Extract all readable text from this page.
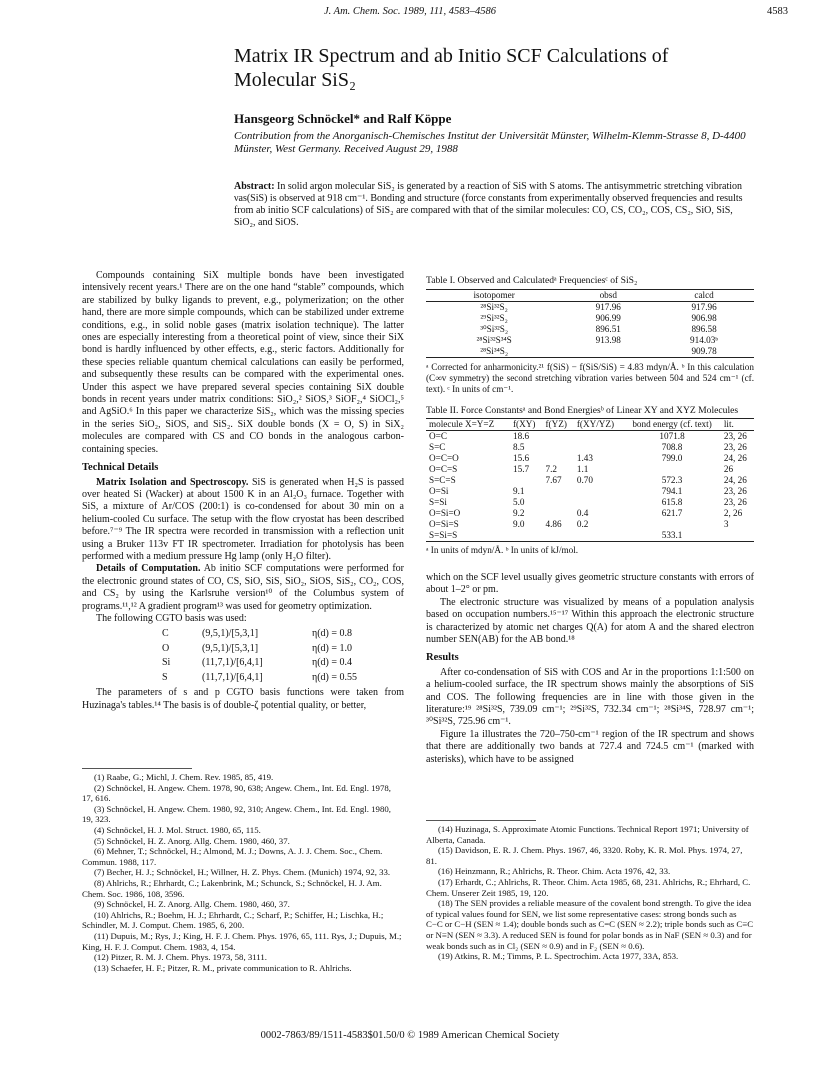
J. Am. Chem. Soc. 1989, 111, 4583–4586	4583
Matrix IR Spectrum and ab Initio SCF Calculations of Molecular SiS₂
Hansgeorg Schnöckel* and Ralf Köppe
Contribution from the Anorganisch-Chemisches Institut der Universität Münster, Wilhelm-Klemm-Strasse 8, D-4400 Münster, West Germany. Received August 29, 1988
Abstract: In solid argon molecular SiS₂ is generated by a reaction of SiS with S atoms. The antisymmetric stretching vibration νas(SiS) is observed at 918 cm⁻¹. Bonding and structure (force constants from experimentally observed frequencies and results from ab initio SCF calculations) of SiS₂ are compared with that of the similar molecules: CO, CS, CO₂, COS, CS₂, SiO, SiS, SiO₂, and SiOS.

Compounds containing SiX multiple bonds have been investigated intensively recent years.¹ There are on the one hand “stable” compounds, which are stabilized by bulky ligands to prevent, e.g., polymerization; on the other hand, there are more simple compounds, which can be stabilized under extreme conditions, e.g., in solid noble gases (matrix isolation technique). The latter ones are especially interesting from a theoretical point of view, since their SiX bond is hardly influenced by other effects, e.g., steric factors. Additionally for these species reliable quantum chemical calculations can easily be performed, and subsequently these results can be compared with the experimental ones. Under this aspect we have prepared several species containing SiX double bonds in recent years under matrix conditions: SiO₂,² SiOS,³ SiOF₂,⁴ SiOCl₂,⁵ and AgSiO.⁶ In this paper we characterize SiS₂, which was the missing species in the series SiO₂, SiOS, and SiS₂. SiX double bonds (X = O, S) in SiX₂ molecules are compared with CS and CO bonds in the analogous carbon-containing species.

Technical Details

Matrix Isolation and Spectroscopy. SiS is generated when H₂S is passed over heated Si (Wacker) at about 1500 K in an Al₂O₃ furnace. Together with SiS, a mixture of Ar/COS (200:1) is co-condensed for about 30 min on a helium-cooled Cu surface. The setup with the flow cryostat has been described before.⁷⁻⁹ The IR spectra were recorded in transmission with a reflection unit using a Bruker 113v FT IR spectrometer. Irradiation for photolysis has been performed with a medium pressure Hg lamp (only H₂O filter).

Details of Computation. Ab initio SCF computations were performed for the electronic ground states of CO, CS, SiO, SiS, SiO₂, SiOS, SiS₂, CO₂, COS, and CS₂ by using the Karlsruhe version¹⁰ of the Columbus system of programs.¹¹,¹² A gradient program¹³ was used for geometry optimization.

The following CGTO basis was used:

C	(9,5,1)/[5,3,1]	η(d) = 0.8
O	(9,5,1)/[5,3,1]	η(d) = 1.0
Si	(11,7,1)/[6,4,1]	η(d) = 0.4
S	(11,7,1)/[6,4,1]	η(d) = 0.55

The parameters of s and p CGTO basis functions were taken from Huzinaga's tables.¹⁴ The basis is of double-ζ potential quality, or better,

(1) Raabe, G.; Michl, J. Chem. Rev. 1985, 85, 419.
(2) Schnöckel, H. Angew. Chem. 1978, 90, 638; Angew. Chem., Int. Ed. Engl. 1978, 17, 616.
(3) Schnöckel, H. Angew. Chem. 1980, 92, 310; Angew. Chem., Int. Ed. Engl. 1980, 19, 323.
(4) Schnöckel, H. J. Mol. Struct. 1980, 65, 115.
(5) Schnöckel, H. Z. Anorg. Allg. Chem. 1980, 460, 37.
(6) Mehner, T.; Schnöckel, H.; Almond, M. J.; Downs, A. J. J. Chem. Soc., Chem. Commun. 1988, 117.
(7) Becher, H. J.; Schnöckel, H.; Willner, H. Z. Phys. Chem. (Munich) 1974, 92, 33.
(8) Ahlrichs, R.; Ehrhardt, C.; Lakenbrink, M.; Schunck, S.; Schnöckel, H. J. Am. Chem. Soc. 1986, 108, 3596.
(9) Schnöckel, H. Z. Anorg. Allg. Chem. 1980, 460, 37.
(10) Ahlrichs, R.; Boehm, H. J.; Ehrhardt, C.; Scharf, P.; Schiffer, H.; Lischka, H.; Schindler, M. J. Comput. Chem. 1985, 6, 200.
(11) Dupuis, M.; Rys, J.; King, H. F. J. Chem. Phys. 1976, 65, 111. Rys, J.; Dupuis, M.; King, H. F. J. Comput. Chem. 1983, 4, 154.
(12) Pitzer, R. M. J. Chem. Phys. 1973, 58, 3111.
(13) Schaefer, H. F.; Pitzer, R. M., private communication to R. Ahlrichs.
Table I. Observed and Calculatedᵃ Frequenciesᶜ of SiS₂
isotopomer	obsd	calcd
²⁸Si³²S₂	917.96	917.96
²⁹Si³²S₂	906.99	906.98
³⁰Si³²S₂	896.51	896.58
²⁸Si³²S³⁴S	913.98	914.03ᵇ
²⁸Si³⁴S₂		909.78

ᵃ Corrected for anharmonicity.²¹ f(SiS) − f(SiS/SiS) = 4.83 mdyn/Å. ᵇ In this calculation (C∞v symmetry) the second stretching vibration varies between 504 and 524 cm⁻¹ (cf. text). ᶜ In units of cm⁻¹.

Table II. Force Constantsᵃ and Bond Energiesᵇ of Linear XY and XYZ Molecules
molecule X=Y=Z	f(XY)	f(YZ)	f(XY/YZ)	bond energy (cf. text)	lit.
O=C	18.6			1071.8	23, 26
S=C	8.5			708.8	23, 26
O=C=O	15.6		1.43	799.0	24, 26
O=C=S	15.7	7.2	1.1		26
S=C=S		7.67	0.70	572.3	24, 26
O=Si	9.1			794.1	23, 26
S=Si	5.0			615.8	23, 26
O=Si=O	9.2		0.4	621.7	2, 26
O=Si=S	9.0	4.86	0.2		3
S=Si=S				533.1	

ᵃ In units of mdyn/Å. ᵇ In units of kJ/mol.

which on the SCF level usually gives geometric structure constants with errors of about 1–2° or pm.

The electronic structure was visualized by means of a population analysis based on occupation numbers.¹⁵⁻¹⁷ Within this approach the electronic structure is characterized by atomic net charges Q(A) for atom A and the shared electron number SEN(AB) for the AB bond.¹⁸

Results

After co-condensation of SiS with COS and Ar in the proportions 1:1:500 on a helium-cooled surface, the IR spectrum shows mainly the absorptions of SiS and COS. The following frequencies are in line with those given in the literature:¹⁹ ²⁸Si³²S, 739.09 cm⁻¹; ²⁹Si³²S, 732.34 cm⁻¹; ²⁸Si³⁴S, 728.97 cm⁻¹; ³⁰Si³²S, 725.96 cm⁻¹.

Figure 1a illustrates the 720–750-cm⁻¹ region of the IR spectrum and shows that there are additionally two bands at 727.4 and 724.5 cm⁻¹ (marked with asterisks), which have to be assigned

(14) Huzinaga, S. Approximate Atomic Functions. Technical Report 1971; University of Alberta, Canada.
(15) Davidson, E. R. J. Chem. Phys. 1967, 46, 3320. Roby, K. R. Mol. Phys. 1974, 27, 81.
(16) Heinzmann, R.; Ahlrichs, R. Theor. Chim. Acta 1976, 42, 33.
(17) Erhardt, C.; Ahlrichs, R. Theor. Chim. Acta 1985, 68, 231. Ahlrichs, R.; Ehrhard, C. Chem. Unserer Zeit 1985, 19, 120.
(18) The SEN provides a reliable measure of the covalent bond strength. To give the idea of typical values found for SEN, we list some representative cases: strong bonds such as C−C or C−H (SEN ≈ 1.4); double bonds such as C=C (SEN ≈ 2.2); triple bonds such as C≡C or N≡N (SEN ≈ 3.3). A reduced SEN is found for polar bonds as in NaF (SEN ≈ 0.3) and for weak bonds such as in Cl₂ (SEN ≈ 0.9) and in F₂ (SEN ≈ 0.6).
(19) Atkins, R. M.; Timms, P. L. Spectrochim. Acta 1977, 33A, 853.
0002-7863/89/1511-4583$01.50/0 © 1989 American Chemical Society
